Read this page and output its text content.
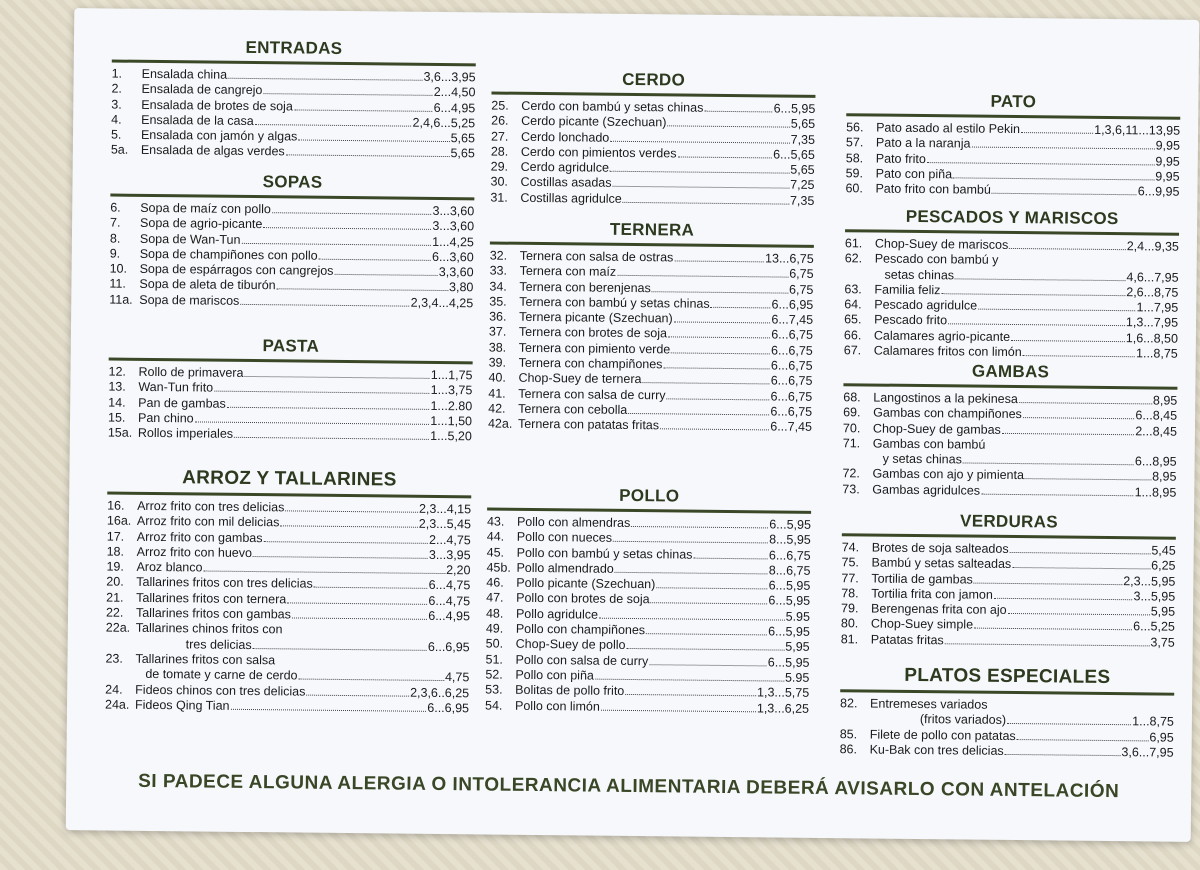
ENTRADAS
1.	Ensalada china	3,6...3,95
2.	Ensalada de cangrejo	2...4,50
3.	Ensalada de brotes de soja	6...4,95
4.	Ensalada de la casa	2,4,6...5,25
5.	Ensalada con jamón y algas	5,65
5a. Ensalada de algas verdes	5,65
SOPAS
6.	Sopa de maíz con pollo	3...3,60
7.	Sopa de agrio-picante	3...3,60
8.	Sopa de Wan-Tun	1...4,25
9.	Sopa de champiñones con pollo	6...3,60
10. Sopa de espárragos con cangrejos	3,3,60
11.	Sopa de aleta de tiburón	3,80
11a. Sopa de mariscos	2,3,4...4,25
PASTA
12. Rollo de primavera	1...1,75
13. Wan-Tun frito	1...3,75
14. Pan de gambas	1...2.80
15. Pan chino	1...1,50
15a. Rollos imperiales	1...5,20
ARROZ Y TALLARINES
16. Arroz frito con tres delicias	2,3...4,15
16a. Arroz frito con mil delicias	2,3...5,45
17. Arroz frito con gambas	2...4,75
18. Arroz frito con huevo	3...3,95
19. Aroz blanco	2,20
20. Tallarines fritos con tres delicias	6...4,75
21. Tallarines fritos con ternera	6...4,75
22. Tallarines fritos con gambas	6...4,95
22a. Tallarines chinos fritos con
tres delicias	6...6,95
23. Tallarines fritos con salsa
de tomate y carne de cerdo	4,75
24. Fideos chinos con tres delicias	2,3,6..6,25
24a. Fideos Qing Tian	6...6,95
CERDO
25. Cerdo con bambú y setas chinas	6...5,95
26. Cerdo picante (Szechuan)	5,65
27. Cerdo lonchado	7,35
28. Cerdo con pimientos verdes	6...5,65
29. Cerdo agridulce	5,65
30. Costillas asadas	7,25
31. Costillas agridulce	7,35
TERNERA
32. Ternera con salsa de ostras	13...6,75
33. Ternera con maíz	6,75
34. Ternera con berenjenas	6,75
35. Ternera con bambú y setas chinas	6...6,95
36. Ternera picante (Szechuan)	6...7,45
37. Ternera con brotes de soja	6...6,75
38. Ternera con pimiento verde	6...6,75
39. Ternera con champiñones	6...6,75
40. Chop-Suey de ternera	6...6,75
41. Ternera con salsa de curry	6...6,75
42. Ternera con cebolla	6...6,75
42a. Ternera con patatas fritas	6...7,45
POLLO
43. Pollo con almendras	6...5,95
44. Pollo con nueces	8...5,95
45. Pollo con bambú y setas chinas	6...6,75
45b. Pollo almendrado	8...6,75
46. Pollo picante (Szechuan)	6...5,95
47. Pollo con brotes de soja	6...5,95
48. Pollo agridulce	5.95
49. Pollo con champiñones	6...5,95
50. Chop-Suey de pollo	5,95
51. Pollo con salsa de curry	6...5,95
52. Pollo con piña	5.95
53. Bolitas de pollo frito	1,3...5,75
54. Pollo con limón	1,3...6,25
PATO
56. Pato asado al estilo Pekin	1,3,6,11...13,95
57. Pato a la naranja	9,95
58. Pato frito	9,95
59. Pato con piña	9,95
60. Pato frito con bambú	6...9,95
PESCADOS Y MARISCOS
61. Chop-Suey de mariscos	2,4...9,35
62. Pescado con bambú y
setas chinas	4,6...7,95
63. Familia feliz	2,6...8,75
64. Pescado agridulce	1...7,95
65. Pescado frito	1,3...7,95
66. Calamares agrio-picante	1,6...8,50
67. Calamares fritos con limón	1...8,75
GAMBAS
68. Langostinos a la pekinesa	8,95
69. Gambas con champiñones	6...8,45
70. Chop-Suey de gambas	2...8,45
71. Gambas con bambú
y setas chinas	6...8,95
72. Gambas con ajo y pimienta	8,95
73. Gambas agridulces	1...8,95
VERDURAS
74. Brotes de soja salteados	5,45
75. Bambú y setas salteadas	6,25
77. Tortilia de gambas	2,3...5,95
78. Tortilia frita con jamon	3...5,95
79. Berengenas frita con ajo	5,95
80. Chop-Suey simple	6...5,25
81. Patatas fritas	3,75
PLATOS ESPECIALES
82. Entremeses variados
(fritos variados)	1...8,75
85. Filete de pollo con patatas	6,95
86. Ku-Bak con tres delicias	3,6...7,95
SI PADECE ALGUNA ALERGIA O INTOLERANCIA ALIMENTARIA DEBERÁ AVISARLO CON ANTELACIÓN
